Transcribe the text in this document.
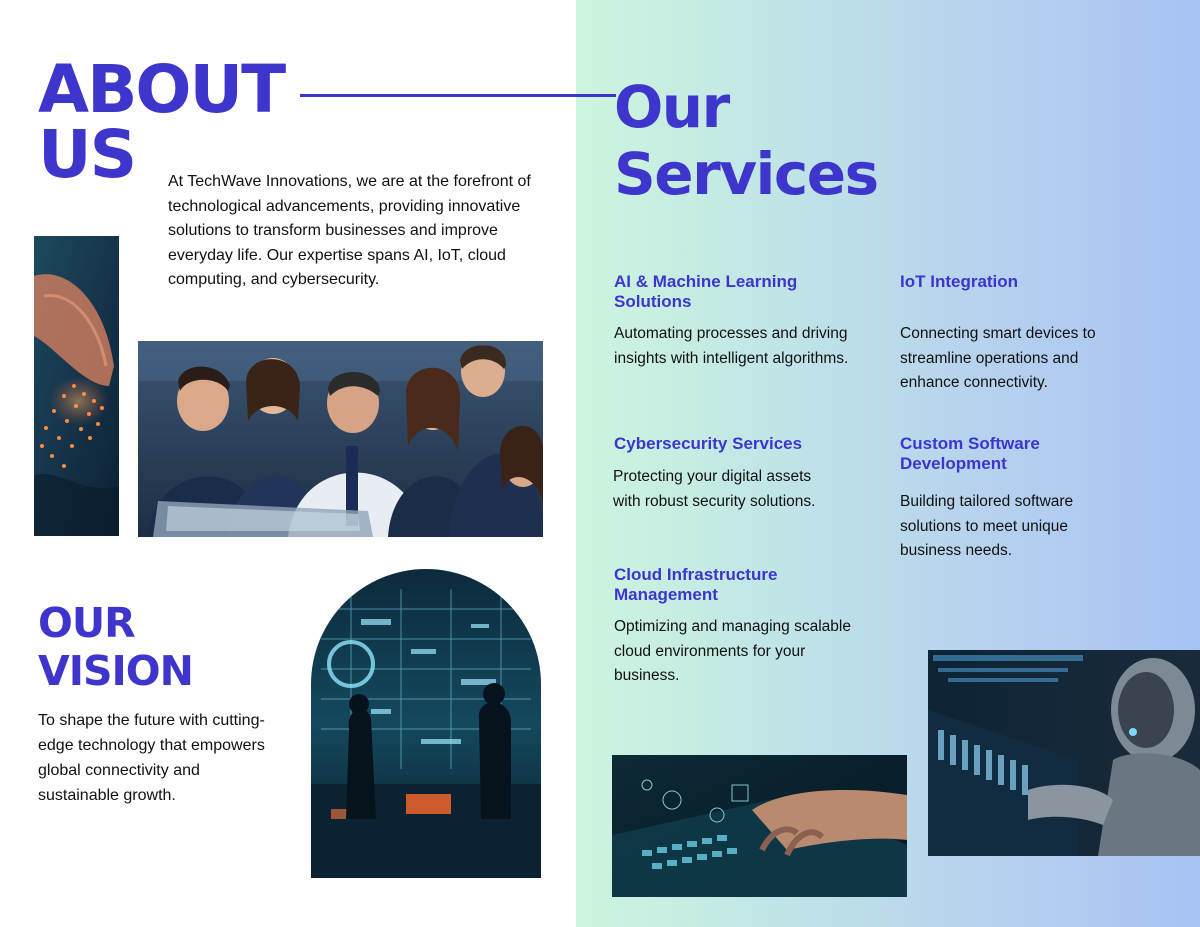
ABOUT US	At TechWave Innovations, we are at the forefront of technological advancements, providing innovative solutions to transform businesses and improve everyday life. Our expertise spans AI, IoT, cloud computing, and cybersecurity.

OUR VISION

To shape the future with cutting-edge technology that empowers global connectivity and sustainable growth.

Our Services
AI & Machine Learning Solutions
Automating processes and driving insights with intelligent algorithms.
IoT Integration
Connecting smart devices to streamline operations and enhance connectivity.
Cybersecurity Services
Protecting your digital assets with robust security solutions.
Custom Software Development
Building tailored software solutions to meet unique business needs.
Cloud Infrastructure Management
Optimizing and managing scalable cloud environments for your business.
